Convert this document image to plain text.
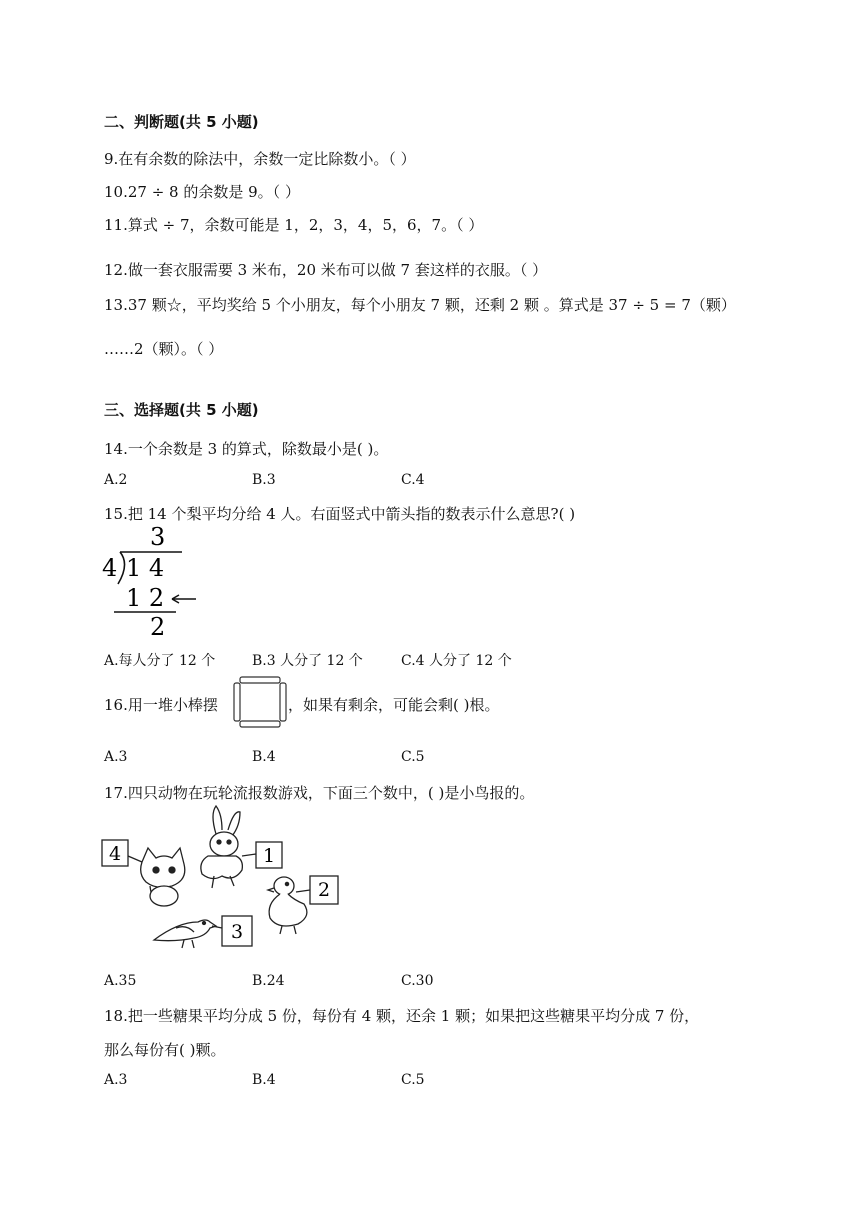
二、判断题(共 5 小题)
9.在有余数的除法中，余数一定比除数小。（ ）
10.27 ÷ 8 的余数是 9。（ ）
11.算式 ÷ 7，余数可能是 1，2，3，4，5，6，7。（ ）
12.做一套衣服需要 3 米布，20 米布可以做 7 套这样的衣服。（ ）
13.37 颗☆，平均奖给 5 个小朋友，每个小朋友 7 颗，还剩 2 颗 。算式是 37 ÷ 5 = 7（颗）
……2（颗）。（ ）
三、选择题(共 5 小题)
14.一个余数是 3 的算式，除数最小是( )。
A.2	B.3	C.4
15.把 14 个梨平均分给 4 人。右面竖式中箭头指的数表示什么意思?( )
3
4 1 4
1 2
2
A.每人分了 12 个	B.3 人分了 12 个	C.4 人分了 12 个
16.用一堆小棒摆	，如果有剩余，可能会剩( )根。
A.3	B.4	C.5
17.四只动物在玩轮流报数游戏，下面三个数中，( )是小鸟报的。
4	1
2
3
A.35	B.24	C.30
18.把一些糖果平均分成 5 份，每份有 4 颗，还余 1 颗；如果把这些糖果平均分成 7 份，
那么每份有( )颗。
A.3	B.4	C.5
